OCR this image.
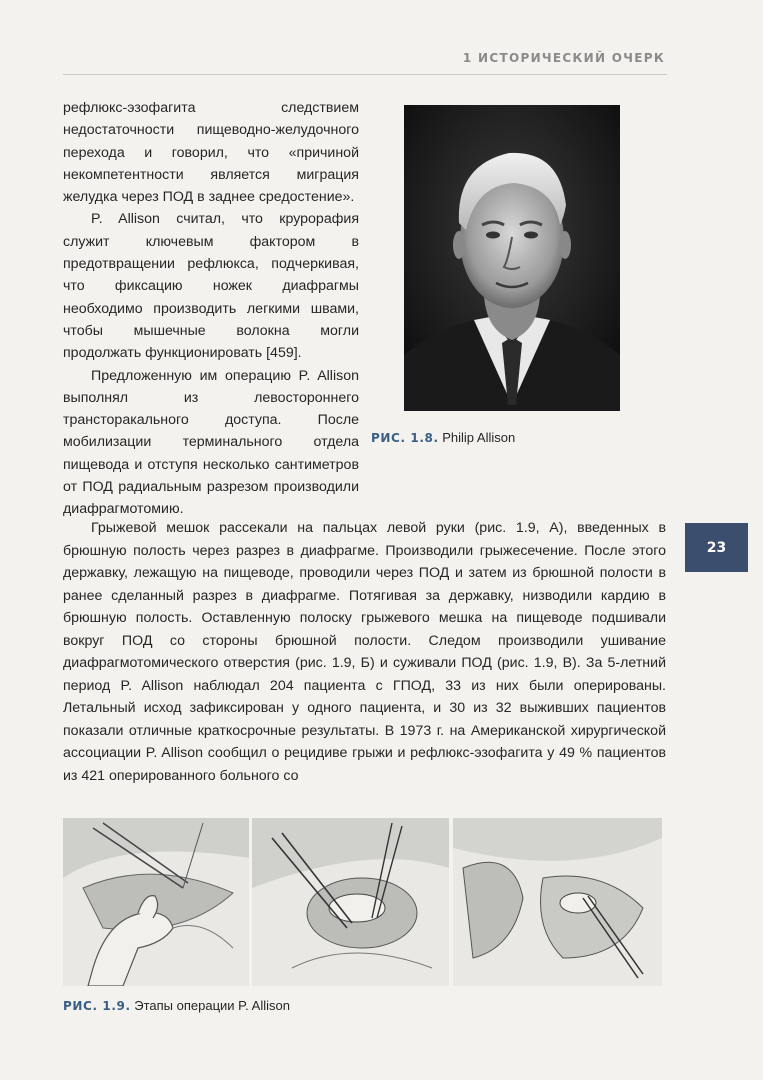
1 ИСТОРИЧЕСКИЙ ОЧЕРК

рефлюкс-эзофагита следствием недостаточности пищеводно-желудочного перехода и говорил, что «причиной некомпетентности является миграция желудка через ПОД в заднее средостение».

P. Allison считал, что крурорафия служит ключевым фактором в предотвращении рефлюкса, подчеркивая, что фиксацию ножек диафрагмы необходимо производить легкими швами, чтобы мышечные волокна могли продолжать функционировать [459].

Предложенную им операцию P. Allison выполнял из левостороннего трансторакального доступа. После мобилизации терминального отдела пищевода и отступя несколько сантиметров от ПОД радиальным разрезом производили диафрагмотомию.

РИС. 1.8. Philip Allison

Грыжевой мешок рассекали на пальцах левой руки (рис. 1.9, А), введенных в брюшную полость через разрез в диафрагме. Производили грыжесечение. После этого державку, лежащую на пищеводе, проводили через ПОД и затем из брюшной полости в ранее сделанный разрез в диафрагме. Потягивая за державку, низводили кардию в брюшную полость. Оставленную полоску грыжевого мешка на пищеводе подшивали вокруг ПОД со стороны брюшной полости. Следом производили ушивание диафрагмотомического отверстия (рис. 1.9, Б) и суживали ПОД (рис. 1.9, В). За 5-летний период P. Allison наблюдал 204 пациента с ГПОД, 33 из них были оперированы. Летальный исход зафиксирован у одного пациента, и 30 из 32 выживших пациентов показали отличные краткосрочные результаты. В 1973 г. на Американской хирургической ассоциации P. Allison сообщил о рецидиве грыжи и рефлюкс-эзофагита у 49 % пациентов из 421 оперированного больного со

23
РИС. 1.9. Этапы операции P. Allison
